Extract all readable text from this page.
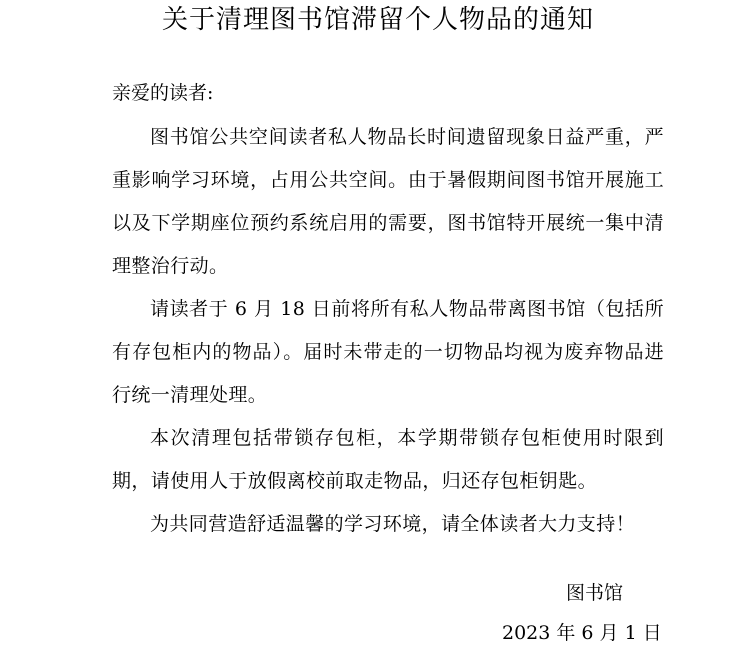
关于清理图书馆滞留个人物品的通知

亲爱的读者:

图书馆公共空间读者私人物品长时间遗留现象日益严重，严重影响学习环境，占用公共空间。由于暑假期间图书馆开展施工以及下学期座位预约系统启用的需要，图书馆特开展统一集中清理整治行动。

请读者于 6 月 18 日前将所有私人物品带离图书馆（包括所有存包柜内的物品）。届时未带走的一切物品均视为废弃物品进行统一清理处理。

本次清理包括带锁存包柜，本学期带锁存包柜使用时限到期，请使用人于放假离校前取走物品，归还存包柜钥匙。

为共同营造舒适温馨的学习环境，请全体读者大力支持！

图书馆

2023 年 6 月 1 日
